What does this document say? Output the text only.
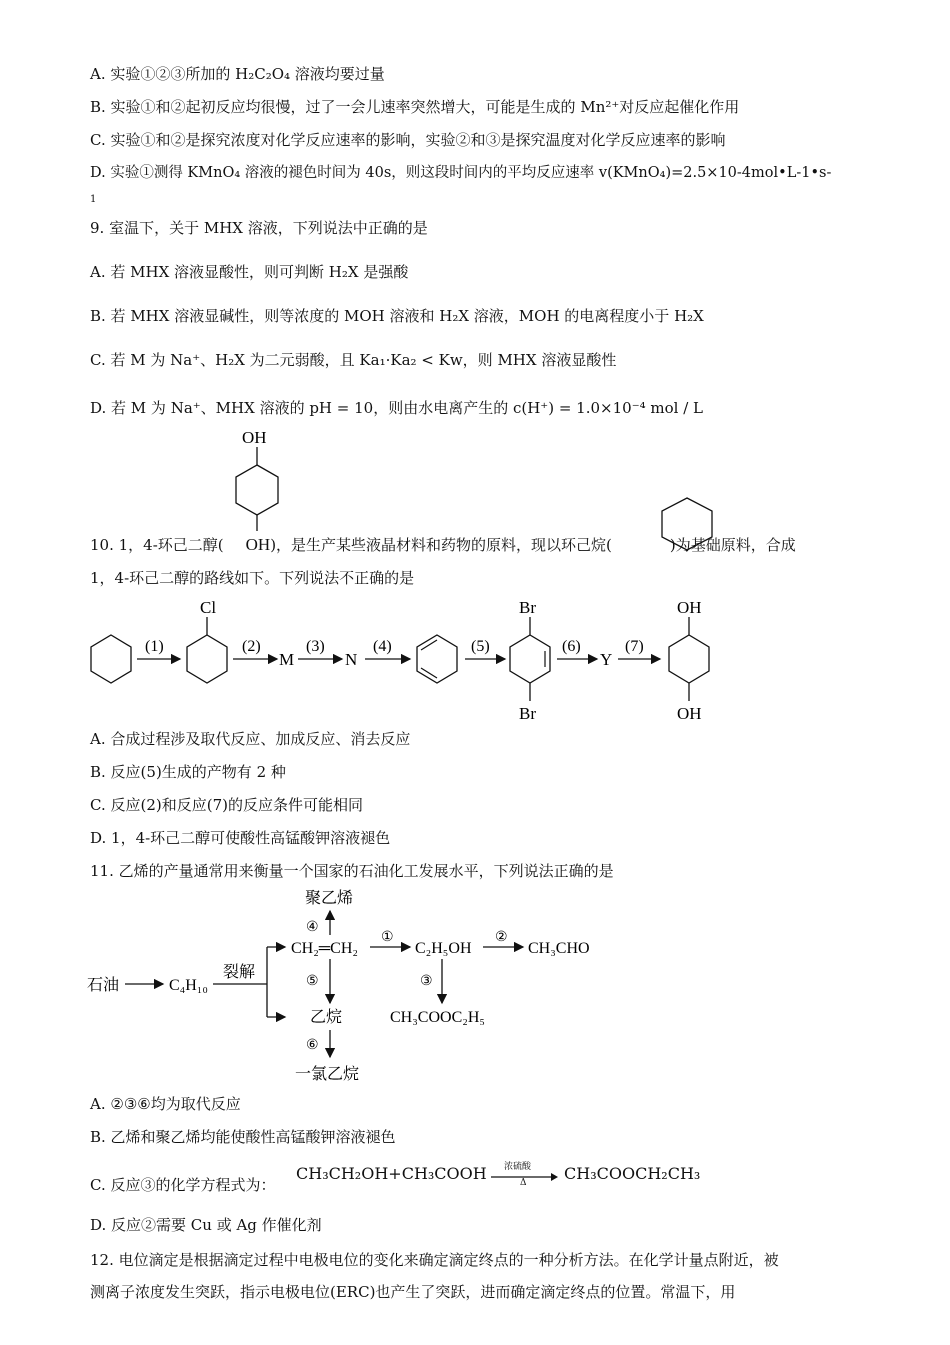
A. 实验①②③所加的 H₂C₂O₄ 溶液均要过量
B. 实验①和②起初反应均很慢，过了一会儿速率突然增大，可能是生成的 Mn²⁺对反应起催化作用
C. 实验①和②是探究浓度对化学反应速率的影响，实验②和③是探究温度对化学反应速率的影响
D. 实验①测得 KMnO₄ 溶液的褪色时间为 40s，则这段时间内的平均反应速率 v(KMnO₄)=2.5×10-4mol•L-1•s-
1
9. 室温下，关于 MHX 溶液，下列说法中正确的是
A. 若 MHX 溶液显酸性，则可判断 H₂X 是强酸
B. 若 MHX 溶液显碱性，则等浓度的 MOH 溶液和 H₂X 溶液，MOH 的电离程度小于 H₂X
C. 若 M 为 Na⁺、H₂X 为二元弱酸，且 Ka₁·Ka₂ < Kw，则 MHX 溶液显酸性
D. 若 M 为 Na⁺、MHX 溶液的 pH = 10，则由水电离产生的 c(H⁺) = 1.0×10⁻⁴ mol / L
OH
10. 1，4-环己二醇( OH)，是生产某些液晶材料和药物的原料，现以环己烷(	)为基础原料，合成
1，4-环己二醇的路线如下。下列说法不正确的是
(1)
Cl
(2)
M
(3)
N
(4)	(5)
Br
Br
(6)
Y
(7)
OH
OH
A. 合成过程涉及取代反应、加成反应、消去反应
B. 反应(5)生成的产物有 2 种
C. 反应(2)和反应(7)的反应条件可能相同
D. 1，4-环己二醇可使酸性高锰酸钾溶液褪色
11. 乙烯的产量通常用来衡量一个国家的石油化工发展水平，下列说法正确的是
石油	C₄H₁₀
裂解
CH₂═CH₂
④
聚乙烯
⑤
乙烷
⑥
一氯乙烷
①
C₂H₅OH
②
CH₃CHO
③
CH₃COOC₂H₅
A. ②③⑥均为取代反应
B. 乙烯和聚乙烯均能使酸性高锰酸钾溶液褪色
C. 反应③的化学方程式为：
CH₃CH₂OH+CH₃COOH 浓硫酸
Δ CH₃COOCH₂CH₃
D. 反应②需要 Cu 或 Ag 作催化剂
12. 电位滴定是根据滴定过程中电极电位的变化来确定滴定终点的一种分析方法。在化学计量点附近，被
测离子浓度发生突跃，指示电极电位(ERC)也产生了突跃，进而确定滴定终点的位置。常温下，用
